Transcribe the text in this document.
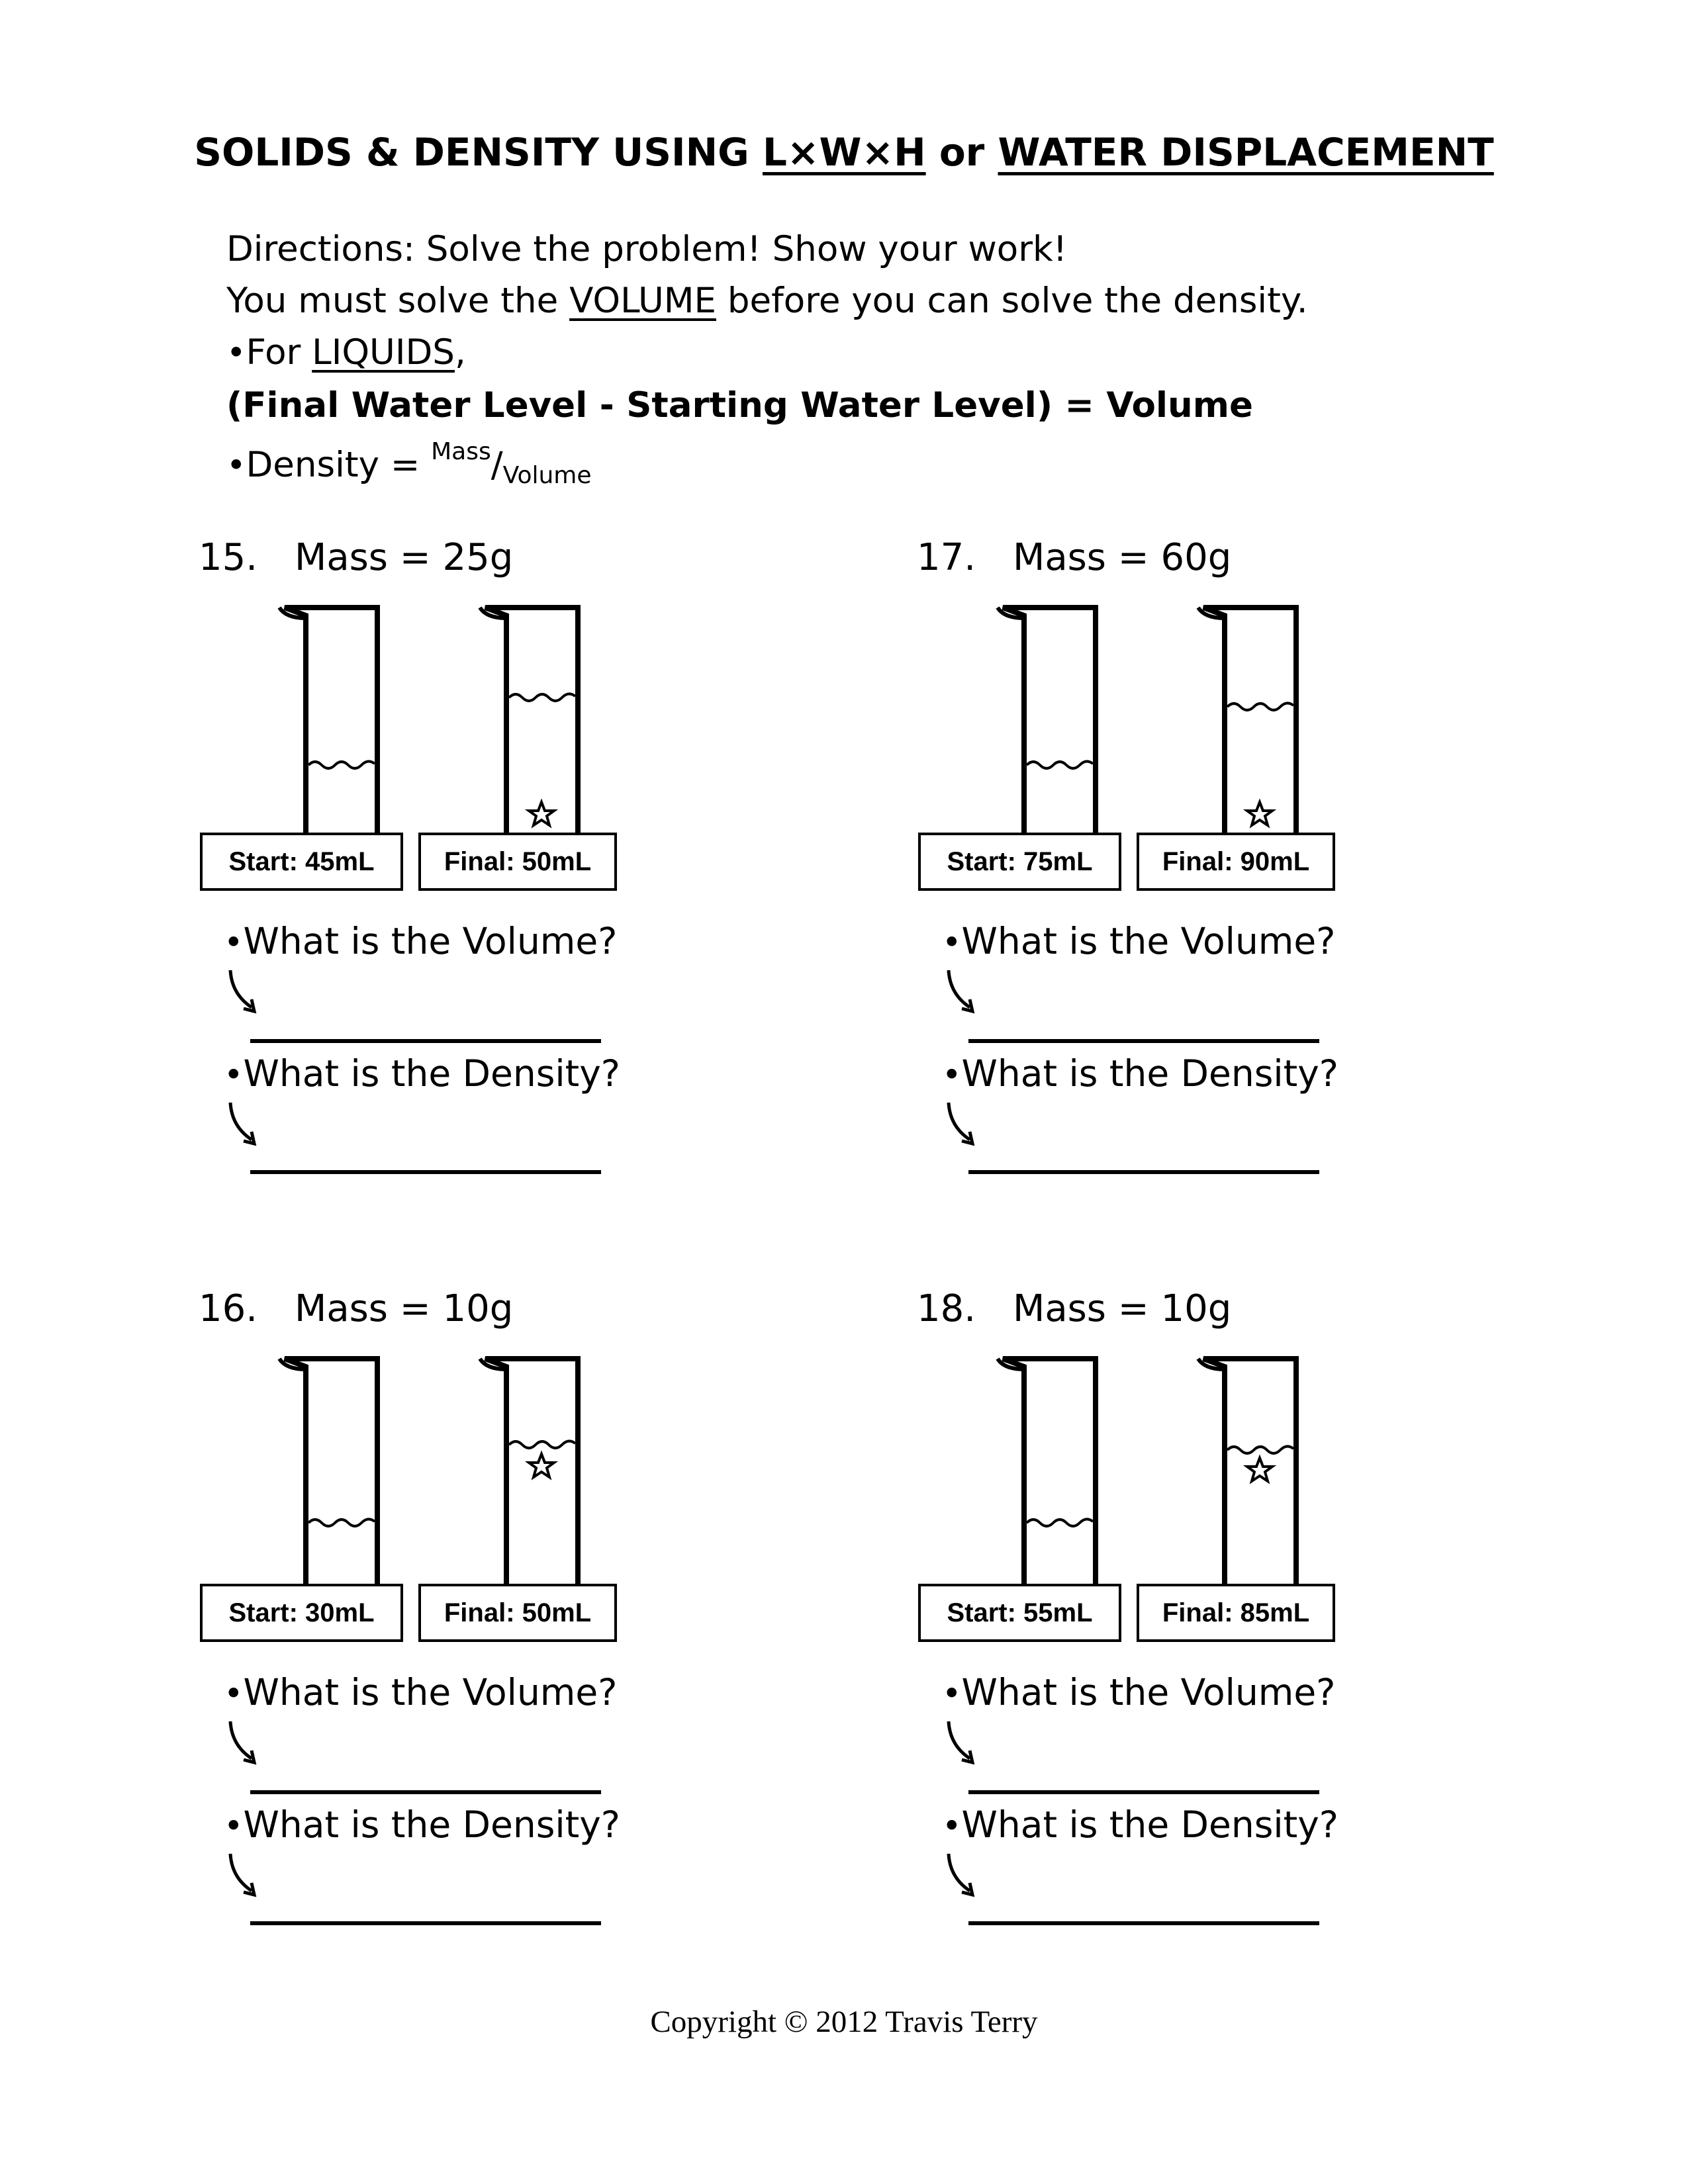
SOLIDS & DENSITY USING L×W×H or WATER DISPLACEMENT
Directions: Solve the problem! Show your work!
You must solve the VOLUME before you can solve the density.
•For LIQUIDS,
(Final Water Level - Starting Water Level) = Volume
•Density = $^{Mass}/_{Volume}$
15. Mass = 25g
Start: 45mL	Final: 50mL
•What is the Volume?
•What is the Density?
17. Mass = 60g
Start: 75mL	Final: 90mL
•What is the Volume?
•What is the Density?
16. Mass = 10g
Start: 30mL	Final: 50mL
•What is the Volume?
•What is the Density?
18. Mass = 10g
Start: 55mL	Final: 85mL
•What is the Volume?
•What is the Density?
Copyright © 2012 Travis Terry
